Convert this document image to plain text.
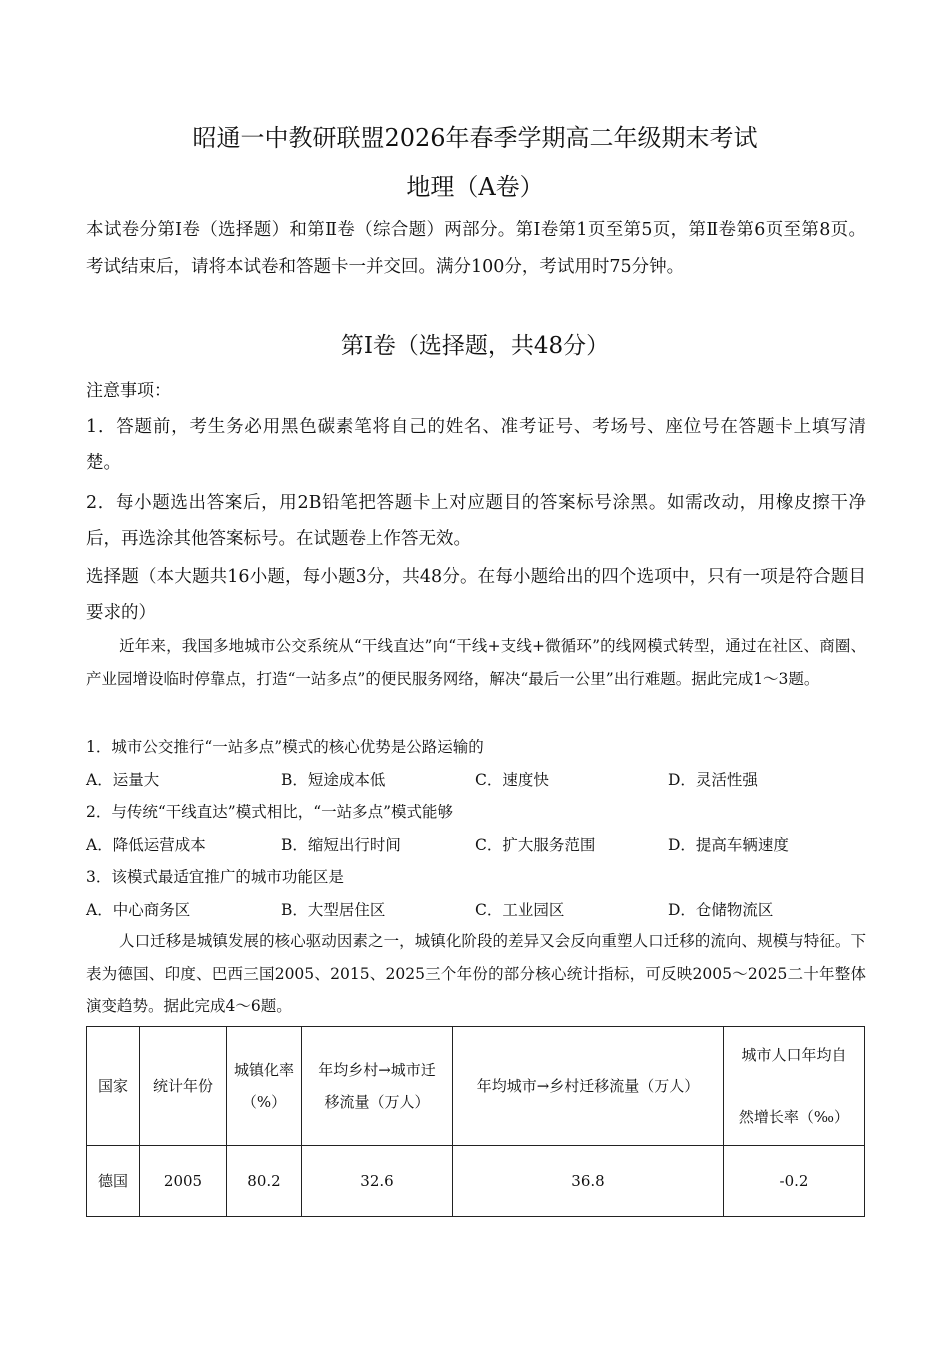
昭通一中教研联盟2026年春季学期高二年级期末考试
地理（A卷）
本试卷分第Ⅰ卷（选择题）和第Ⅱ卷（综合题）两部分。第Ⅰ卷第1页至第5页，第Ⅱ卷第6页至第8页。考试结束后，请将本试卷和答题卡一并交回。满分100分，考试用时75分钟。
第Ⅰ卷（选择题，共48分）
注意事项：
1．答题前，考生务必用黑色碳素笔将自己的姓名、准考证号、考场号、座位号在答题卡上填写清楚。
2．每小题选出答案后，用2B铅笔把答题卡上对应题目的答案标号涂黑。如需改动，用橡皮擦干净后，再选涂其他答案标号。在试题卷上作答无效。
选择题（本大题共16小题，每小题3分，共48分。在每小题给出的四个选项中，只有一项是符合题目要求的）
近年来，我国多地城市公交系统从“干线直达”向“干线+支线+微循环”的线网模式转型，通过在社区、商圈、产业园增设临时停靠点，打造“一站多点”的便民服务网络，解决“最后一公里”出行难题。据此完成1～3题。
1．城市公交推行“一站多点”模式的核心优势是公路运输的
A．运量大	B．短途成本低	C．速度快	D．灵活性强
2．与传统“干线直达”模式相比，“一站多点”模式能够
A．降低运营成本	B．缩短出行时间	C．扩大服务范围	D．提高车辆速度
3．该模式最适宜推广的城市功能区是
A．中心商务区	B．大型居住区	C．工业园区	D．仓储物流区
人口迁移是城镇发展的核心驱动因素之一，城镇化阶段的差异又会反向重塑人口迁移的流向、规模与特征。下表为德国、印度、巴西三国2005、2015、2025三个年份的部分核心统计指标，可反映2005～2025二十年整体演变趋势。据此完成4～6题。
国家	统计年份	城镇化率（%）	年均乡村→城市迁移流量（万人）	年均城市→乡村迁移流量（万人）	城市人口年均自
然增长率（‰）

德国	2005	80.2	32.6	36.8	-0.2
